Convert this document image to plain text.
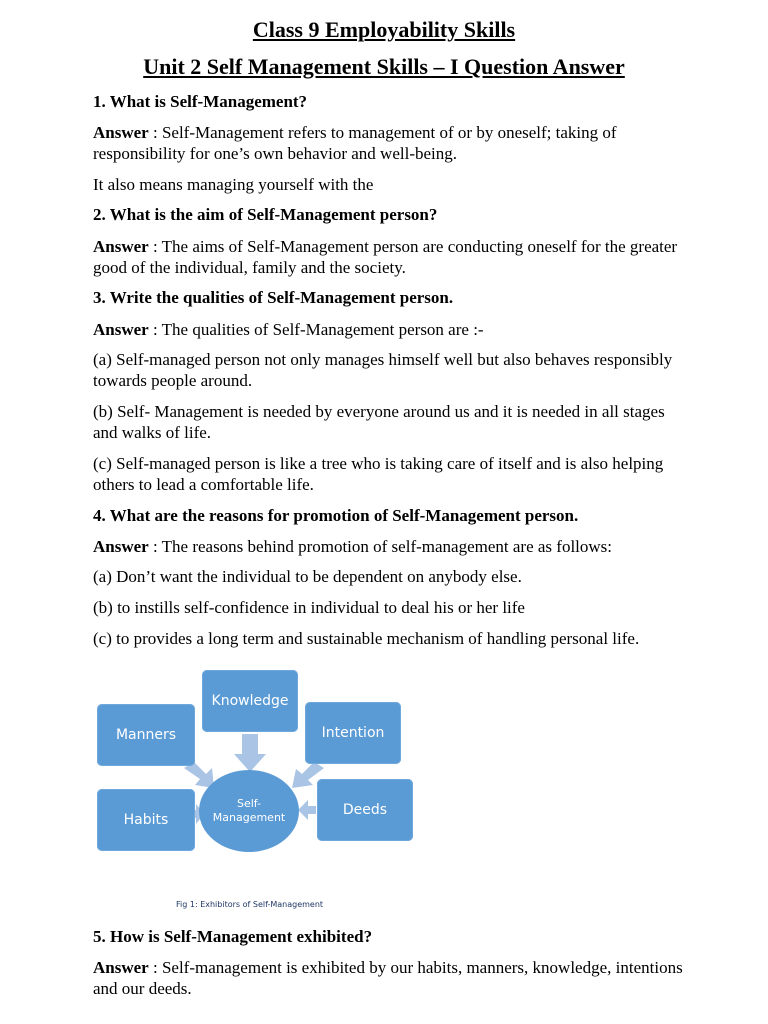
Class 9 Employability Skills
Unit 2 Self Management Skills – I Question Answer
1. What is Self-Management?
Answer : Self-Management refers to management of or by oneself; taking of responsibility for one’s own behavior and well-being.
It also means managing yourself with the
2. What is the aim of Self-Management person?
Answer : The aims of Self-Management person are conducting oneself for the greater good of the individual, family and the society.
3. Write the qualities of Self-Management person.
Answer : The qualities of Self-Management person are :-
(a) Self-managed person not only manages himself well but also behaves responsibly towards people around.
(b) Self- Management is needed by everyone around us and it is needed in all stages and walks of life.
(c) Self-managed person is like a tree who is taking care of itself and is also helping others to lead a comfortable life.
4. What are the reasons for promotion of Self-Management person.
Answer : The reasons behind promotion of self-management are as follows:
(a) Don’t want the individual to be dependent on anybody else.
(b) to instills self-confidence in individual to deal his or her life
(c) to provides a long term and sustainable mechanism of handling personal life.
Knowledge
Manners	Intention
Habits
Deeds
Self-
Management
Fig 1: Exhibitors of Self-Management
5. How is Self-Management exhibited?
Answer : Self-management is exhibited by our habits, manners, knowledge, intentions and our deeds.
